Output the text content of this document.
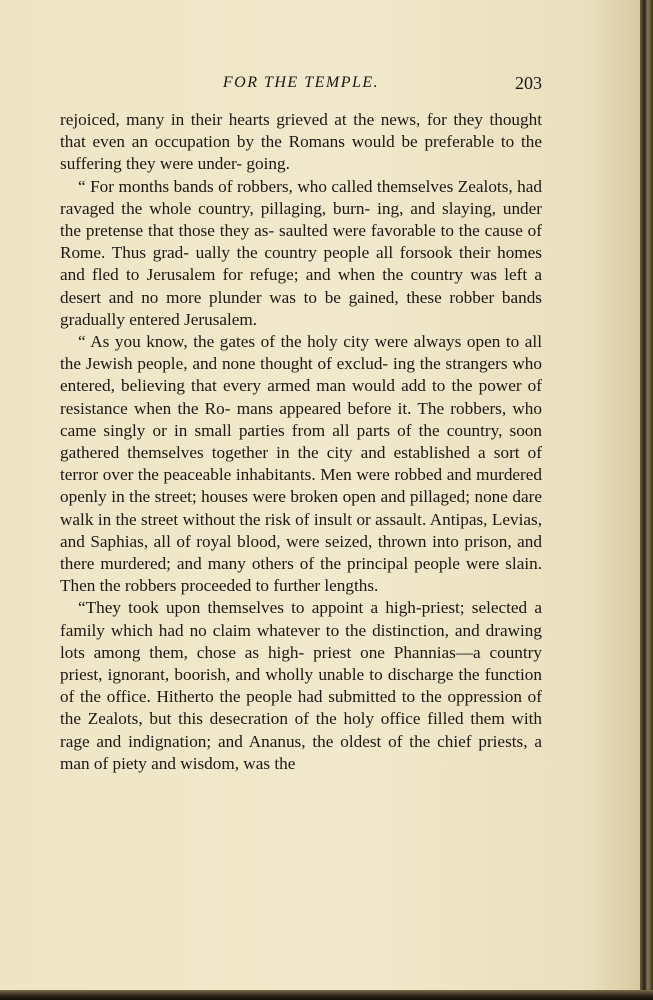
FOR THE TEMPLE.	203

rejoiced, many in their hearts grieved at the news, for they thought that even an occupation by the Romans would be preferable to the suffering they were under- going.

“ For months bands of robbers, who called themselves Zealots, had ravaged the whole country, pillaging, burn- ing, and slaying, under the pretense that those they as- saulted were favorable to the cause of Rome. Thus grad- ually the country people all forsook their homes and fled to Jerusalem for refuge; and when the country was left a desert and no more plunder was to be gained, these robber bands gradually entered Jerusalem.

“ As you know, the gates of the holy city were always open to all the Jewish people, and none thought of exclud- ing the strangers who entered, believing that every armed man would add to the power of resistance when the Ro- mans appeared before it. The robbers, who came singly or in small parties from all parts of the country, soon gathered themselves together in the city and established a sort of terror over the peaceable inhabitants. Men were robbed and murdered openly in the street; houses were broken open and pillaged; none dare walk in the street without the risk of insult or assault. Antipas, Levias, and Saphias, all of royal blood, were seized, thrown into prison, and there murdered; and many others of the principal people were slain. Then the robbers proceeded to further lengths.

“They took upon themselves to appoint a high-priest; selected a family which had no claim whatever to the distinction, and drawing lots among them, chose as high- priest one Phannias—a country priest, ignorant, boorish, and wholly unable to discharge the function of the office. Hitherto the people had submitted to the oppression of the Zealots, but this desecration of the holy office filled them with rage and indignation; and Ananus, the oldest of the chief priests, a man of piety and wisdom, was the
